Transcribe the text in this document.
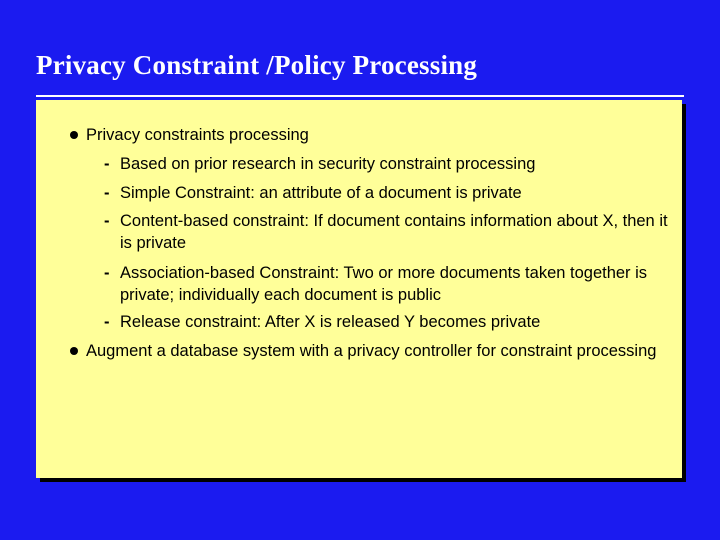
Privacy Constraint /Policy Processing
Privacy constraints processing
- Based on prior research in security constraint processing
- Simple Constraint: an attribute of a document is private
- Content-based constraint: If document contains information about X, then it is private
- Association-based Constraint: Two or more documents taken together is private; individually each document is public
- Release constraint: After X is released Y becomes private
Augment a database system with a privacy controller for constraint processing
